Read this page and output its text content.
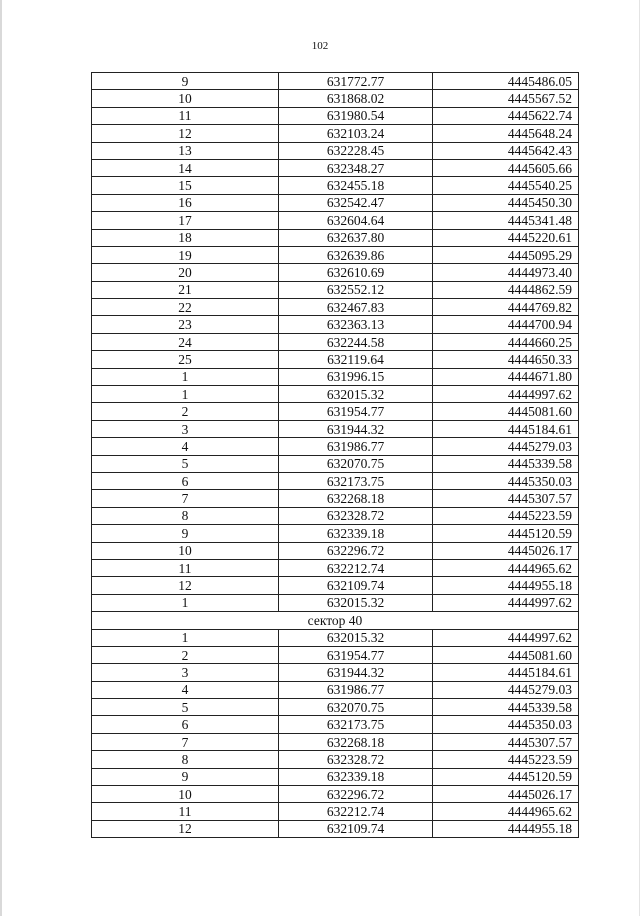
102
9	631772.77	4445486.05
10	631868.02	4445567.52
11	631980.54	4445622.74
12	632103.24	4445648.24
13	632228.45	4445642.43
14	632348.27	4445605.66
15	632455.18	4445540.25
16	632542.47	4445450.30
17	632604.64	4445341.48
18	632637.80	4445220.61
19	632639.86	4445095.29
20	632610.69	4444973.40
21	632552.12	4444862.59
22	632467.83	4444769.82
23	632363.13	4444700.94
24	632244.58	4444660.25
25	632119.64	4444650.33
1	631996.15	4444671.80
1	632015.32	4444997.62
2	631954.77	4445081.60
3	631944.32	4445184.61
4	631986.77	4445279.03
5	632070.75	4445339.58
6	632173.75	4445350.03
7	632268.18	4445307.57
8	632328.72	4445223.59
9	632339.18	4445120.59
10	632296.72	4445026.17
11	632212.74	4444965.62
12	632109.74	4444955.18
1	632015.32	4444997.62
сектор 40		
1	632015.32	4444997.62
2	631954.77	4445081.60
3	631944.32	4445184.61
4	631986.77	4445279.03
5	632070.75	4445339.58
6	632173.75	4445350.03
7	632268.18	4445307.57
8	632328.72	4445223.59
9	632339.18	4445120.59
10	632296.72	4445026.17
11	632212.74	4444965.62
12	632109.74	4444955.18
